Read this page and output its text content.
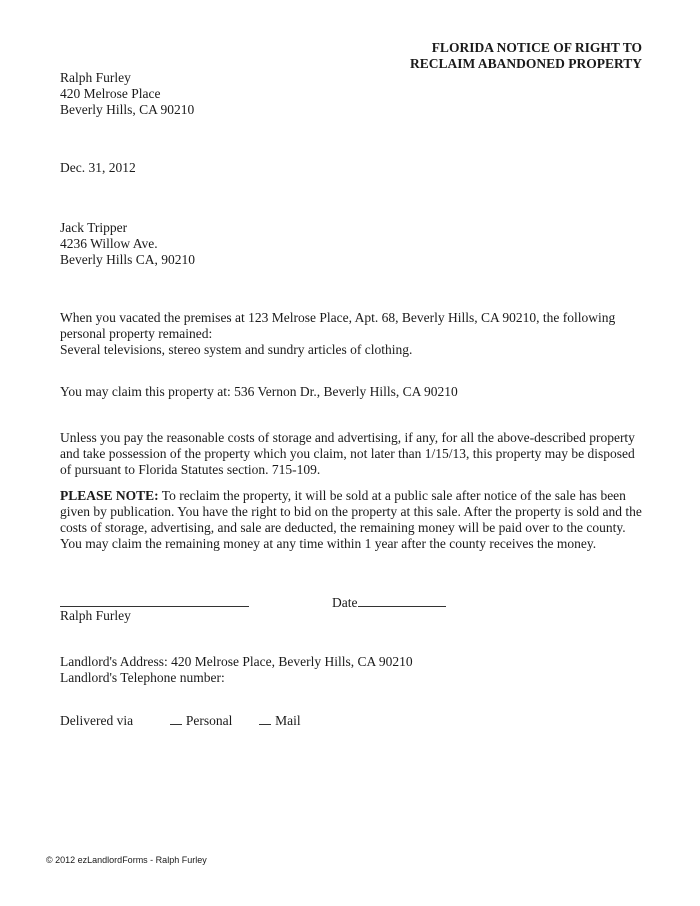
FLORIDA NOTICE OF RIGHT TO
RECLAIM ABANDONED PROPERTY
Ralph Furley
420 Melrose Place
Beverly Hills, CA 90210
Dec. 31, 2012
Jack Tripper
4236 Willow Ave.
Beverly Hills CA, 90210
When you vacated the premises at 123 Melrose Place, Apt. 68, Beverly Hills, CA 90210, the following
personal property remained:
Several televisions, stereo system and sundry articles of clothing.
You may claim this property at: 536 Vernon Dr., Beverly Hills, CA 90210
Unless you pay the reasonable costs of storage and advertising, if any, for all the above-described property
and take possession of the property which you claim, not later than 1/15/13, this property may be disposed
of pursuant to Florida Statutes section. 715-109.
PLEASE NOTE: To reclaim the property, it will be sold at a public sale after notice of the sale has been
given by publication. You have the right to bid on the property at this sale. After the property is sold and the
costs of storage, advertising, and sale are deducted, the remaining money will be paid over to the county.
You may claim the remaining money at any time within 1 year after the county receives the money.
Date
Ralph Furley
Landlord's Address: 420 Melrose Place, Beverly Hills, CA 90210
Landlord's Telephone number:
Delivered via	Personal	Mail
© 2012 ezLandlordForms - Ralph Furley
